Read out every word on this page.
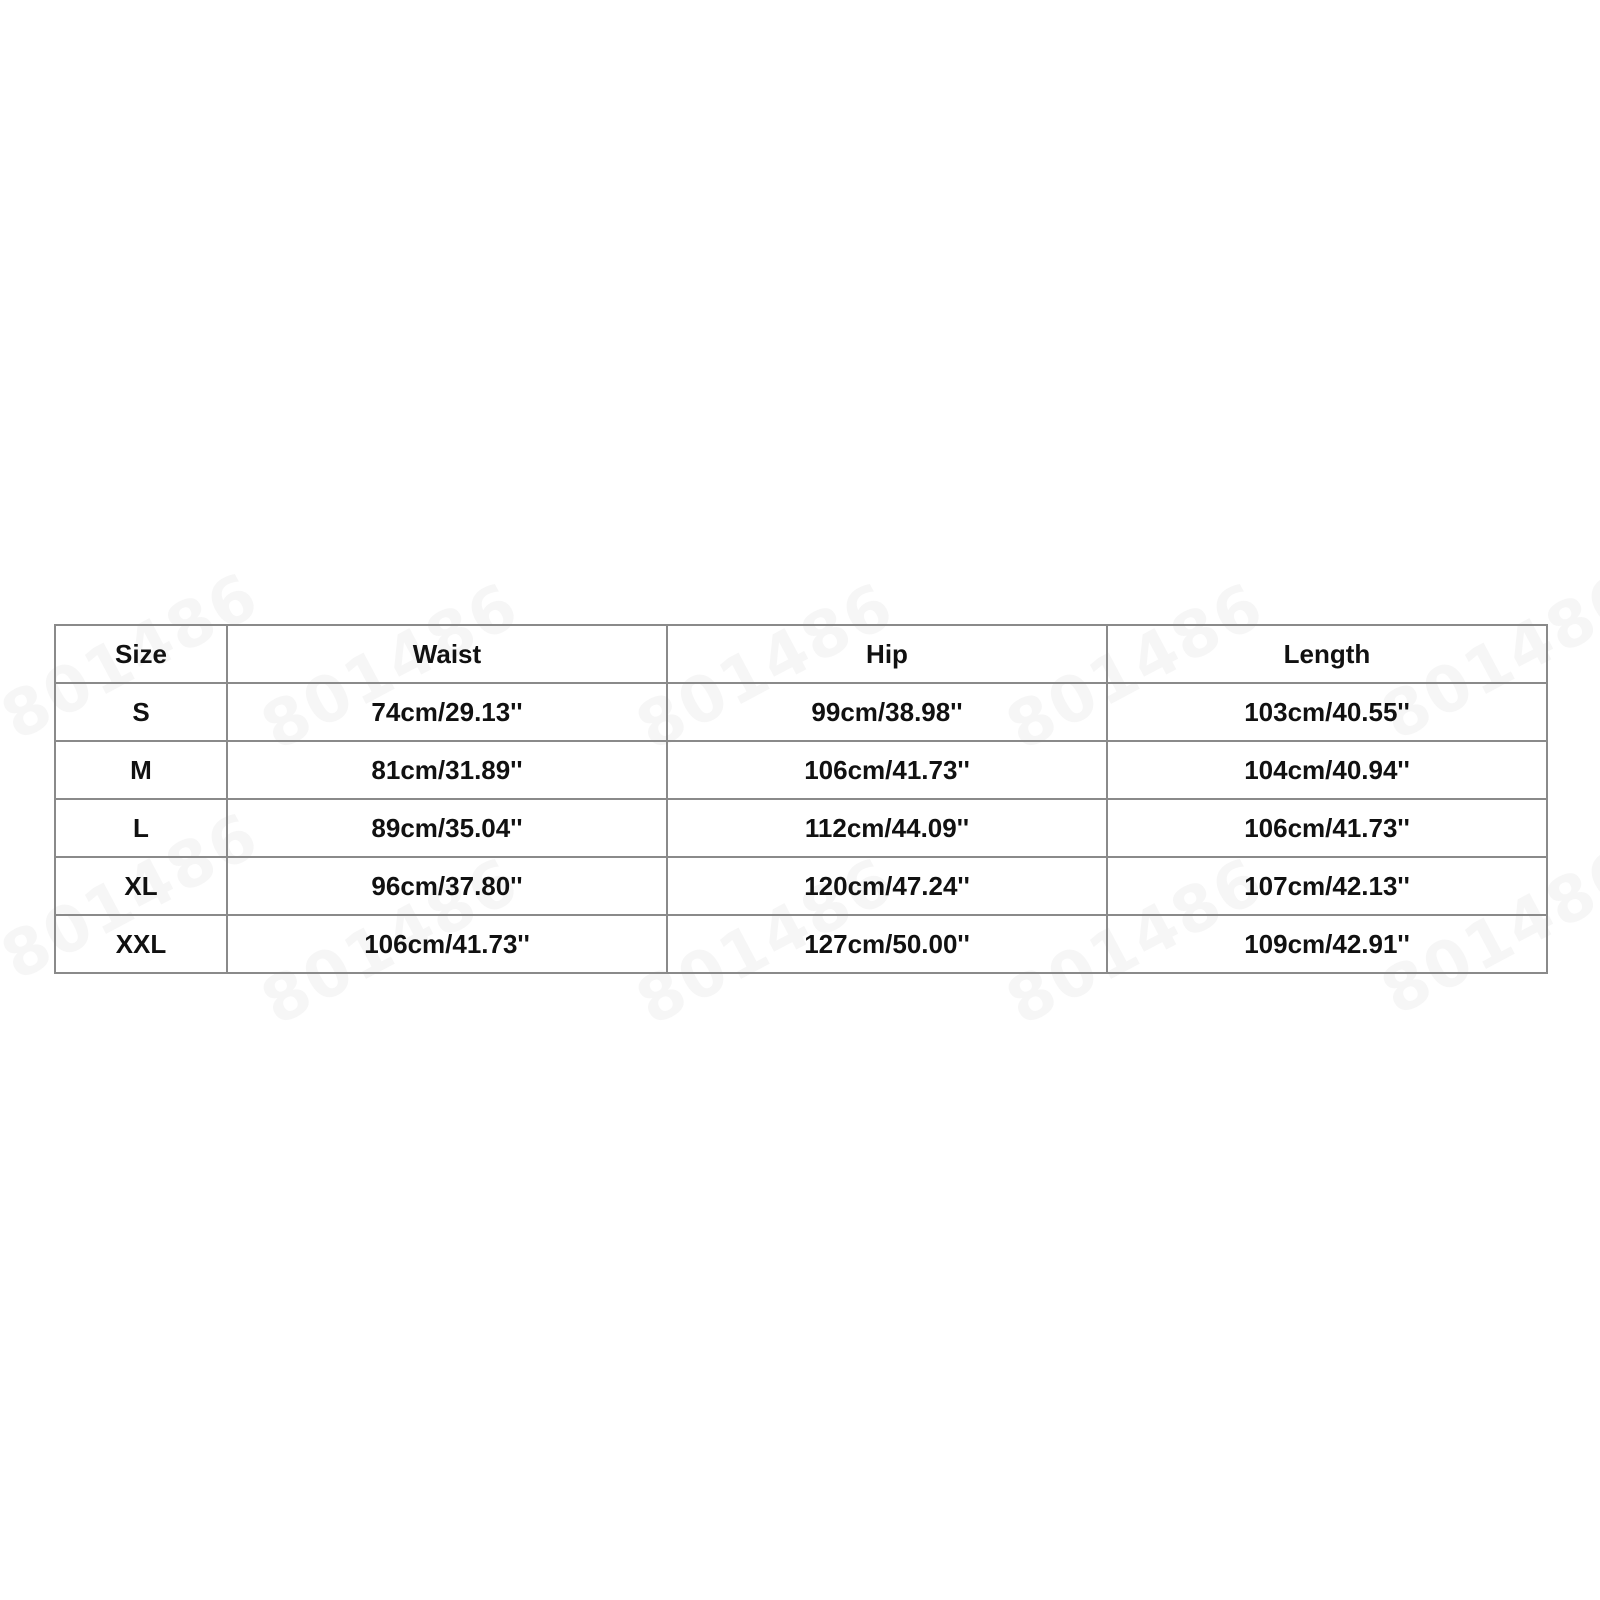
Size	Waist	Hip	Length
S	74cm/29.13''	99cm/38.98''	103cm/40.55''
M	81cm/31.89''	106cm/41.73''	104cm/40.94''
L	89cm/35.04''	112cm/44.09''	106cm/41.73''
XL	96cm/37.80''	120cm/47.24''	107cm/42.13''
XXL	106cm/41.73''	127cm/50.00''	109cm/42.91''
